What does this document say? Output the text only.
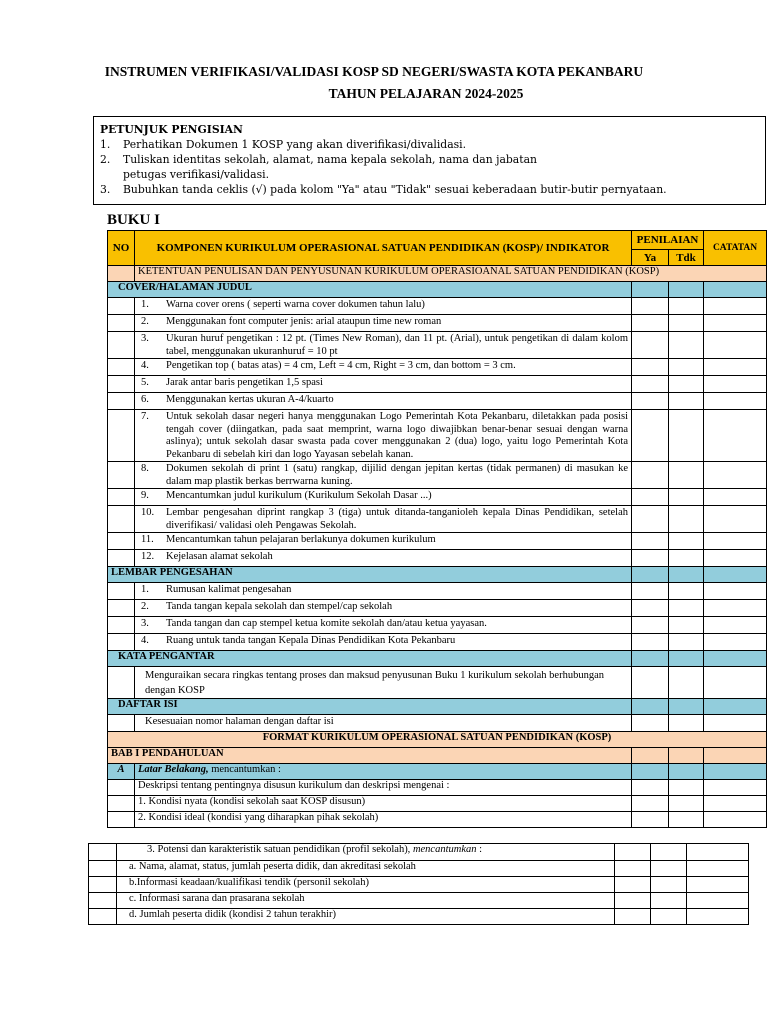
INSTRUMEN VERIFIKASI/VALIDASI KOSP SD NEGERI/SWASTA KOTA PEKANBARU
TAHUN PELAJARAN 2024-2025
PETUNJUK PENGISIAN
1.	Perhatikan Dokumen 1 KOSP yang akan diverifikasi/divalidasi.
2.	Tuliskan identitas sekolah, alamat, nama kepala sekolah, nama dan jabatan
petugas verifikasi/validasi.
3.	Bubuhkan tanda ceklis (√) pada kolom "Ya" atau "Tidak" sesuai keberadaan butir-butir pernyataan.
BUKU I
NO	KOMPONEN KURIKULUM OPERASIONAL SATUAN PENDIDIKAN (KOSP)/ INDIKATOR	PENILAIAN		CATATAN
		Ya	Tdk	
	KETENTUAN PENULISAN DAN PENYUSUNAN KURIKULUM OPERASIOANAL SATUAN PENDIDIKAN (KOSP)			
COVER/HALAMAN JUDUL				

	1. Warna cover orens ( seperti warna cover dokumen tahun lalu)			

	2. Menggunakan font computer jenis: arial ataupun time new roman			

	3. Ukuran huruf pengetikan : 12 pt. (Times New Roman), dan 11 pt. (Arial), untuk pengetikan di dalam kolom tabel, menggunakan ukuranhuruf = 10 pt			

	4. Pengetikan top ( batas atas) = 4 cm, Left = 4 cm, Right = 3 cm, dan bottom = 3 cm.			

	5. Jarak antar baris pengetikan 1,5 spasi			

	6. Menggunakan kertas ukuran A-4/kuarto			

	7. Untuk sekolah dasar negeri hanya menggunakan Logo Pemerintah Kota Pekanbaru, diletakkan pada posisi tengah cover (diingatkan, pada saat memprint, warna logo diwajibkan benar-benar sesuai dengan warna aslinya); untuk sekolah dasar swasta pada cover menggunakan 2 (dua) logo, yaitu logo Pemerintah Kota Pekanbaru di sebelah kiri dan logo Yayasan sebelah kanan.			

	8. Dokumen sekolah di print 1 (satu) rangkap, dijilid dengan jepitan kertas (tidak permanen) di masukan ke dalam map plastik berkas berrwarna kuning.			

	9. Mencantumkan judul kurikulum (Kurikulum Sekolah Dasar ...)			

	10. Lembar pengesahan diprint rangkap 3 (tiga) untuk ditanda-tanganioleh kepala Dinas Pendidikan, setelah diverifikasi/ validasi oleh Pengawas Sekolah.			

	11. Mencantumkan tahun pelajaran berlakunya dokumen kurikulum			

	12. Kejelasan alamat sekolah			

LEMBAR PENGESAHAN				

	1. Rumusan kalimat pengesahan			

	2. Tanda tangan kepala sekolah dan stempel/cap sekolah			

	3. Tanda tangan dan cap stempel ketua komite sekolah dan/atau ketua yayasan.			

	4. Ruang untuk tanda tangan Kepala Dinas Pendidikan Kota Pekanbaru			

KATA PENGANTAR				
	Menguraikan secara ringkas tentang proses dan maksud penyusunan Buku 1 kurikulum sekolah berhubungan dengan KOSP			
DAFTAR ISI				
	Kesesuaian nomor halaman dengan daftar isi			
FORMAT KURIKULUM OPERASIONAL SATUAN PENDIDIKAN (KOSP)				
BAB I PENDAHULUAN				
A	Latar Belakang, mencantumkan :			
	Deskripsi tentang pentingnya disusun kurikulum dan deskripsi mengenai :			
	1. Kondisi nyata (kondisi sekolah saat KOSP disusun)			
	2. Kondisi ideal (kondisi yang diharapkan pihak sekolah)			
	3. Potensi dan karakteristik satuan pendidikan (profil sekolah), mencantumkan :			
	a. Nama, alamat, status, jumlah peserta didik, dan akreditasi sekolah			
	b.Informasi keadaan/kualifikasi tendik (personil sekolah)			
	c. Informasi sarana dan prasarana sekolah			
	d. Jumlah peserta didik (kondisi 2 tahun terakhir)			
